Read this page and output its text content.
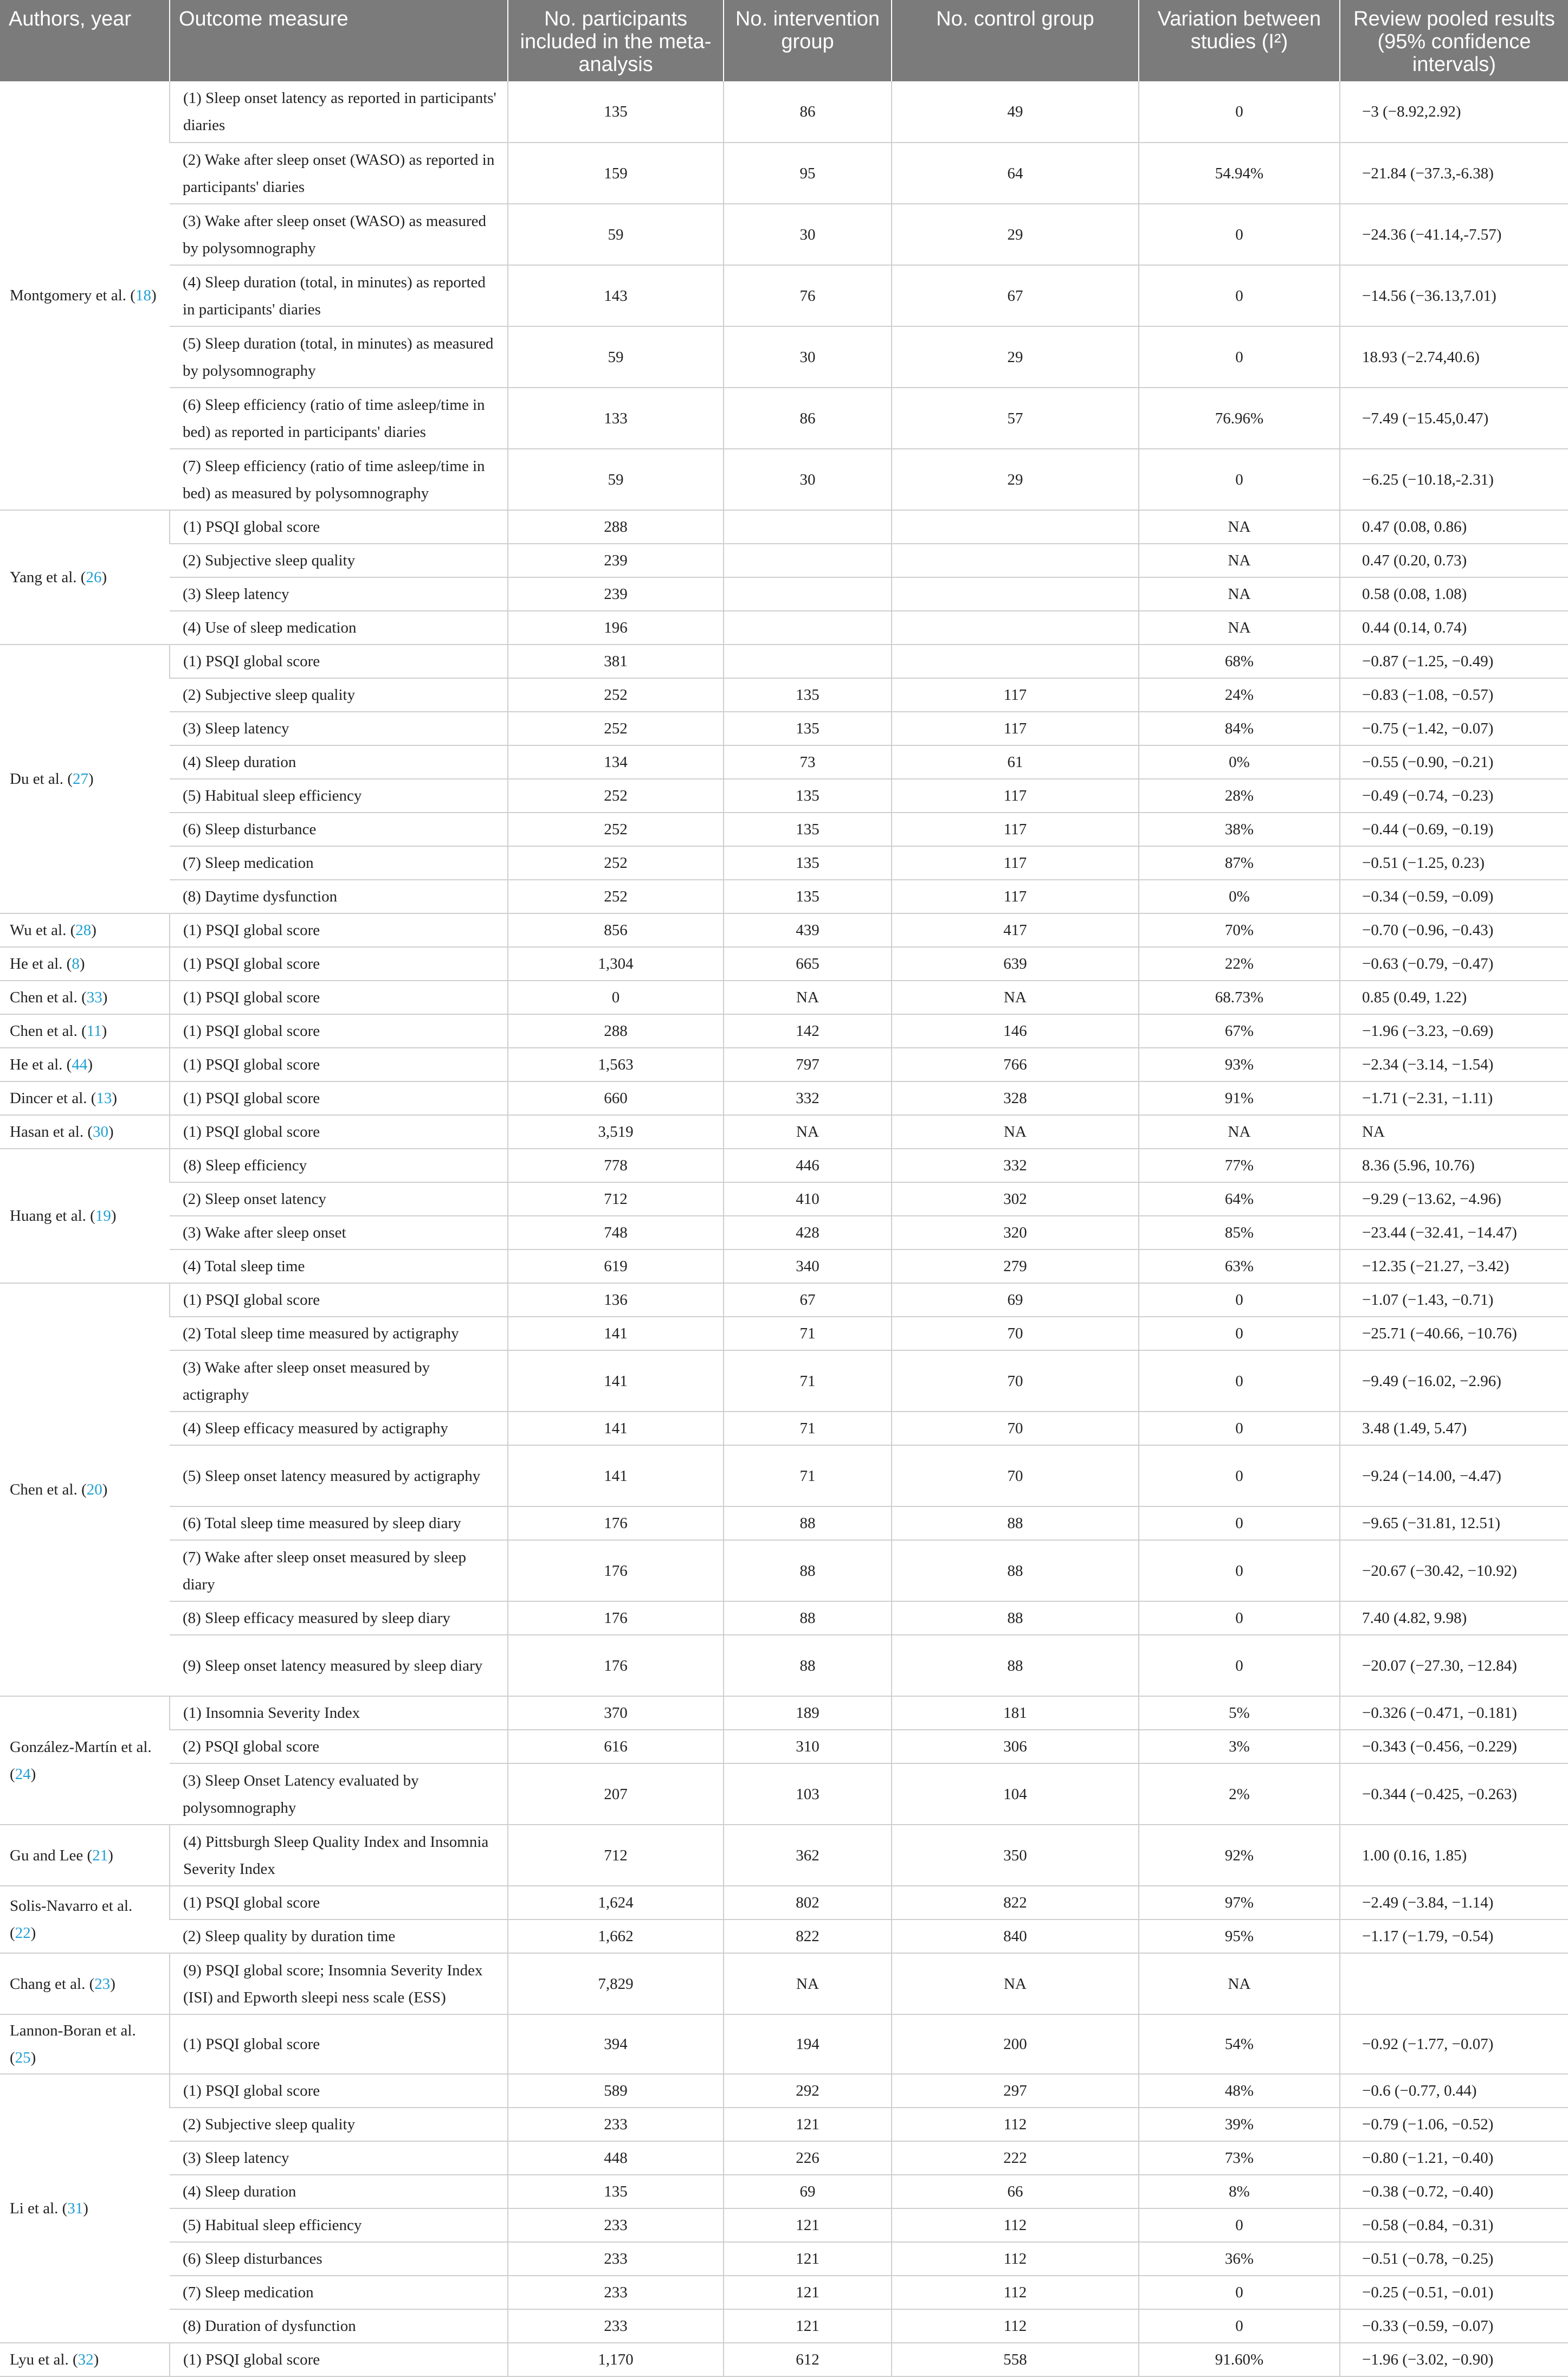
Authors, year	Outcome measure	No. participants included in the meta-analysis	No. intervention group	No. control group	Variation between studies (I²)	Review pooled results (95% confidence intervals)
Montgomery et al. (18)	(1) Sleep onset latency as reported in participants' diaries	135	86	49	0	−3 (−8.92,2.92)
	(2) Wake after sleep onset (WASO) as reported in participants' diaries	159	95	64	54.94%	−21.84 (−37.3,-6.38)
	(3) Wake after sleep onset (WASO) as measured by polysomnography	59	30	29	0	−24.36 (−41.14,-7.57)
	(4) Sleep duration (total, in minutes) as reported in participants' diaries	143	76	67	0	−14.56 (−36.13,7.01)
	(5) Sleep duration (total, in minutes) as measured by polysomnography	59	30	29	0	18.93 (−2.74,40.6)
	(6) Sleep efficiency (ratio of time asleep/time in bed) as reported in participants' diaries	133	86	57	76.96%	−7.49 (−15.45,0.47)
	(7) Sleep efficiency (ratio of time asleep/time in bed) as measured by polysomnography	59	30	29	0	−6.25 (−10.18,-2.31)
Yang et al. (26)	(1) PSQI global score	288			NA	0.47 (0.08, 0.86)
	(2) Subjective sleep quality	239			NA	0.47 (0.20, 0.73)
	(3) Sleep latency	239			NA	0.58 (0.08, 1.08)
	(4) Use of sleep medication	196			NA	0.44 (0.14, 0.74)
Du et al. (27)	(1) PSQI global score	381			68%	−0.87 (−1.25, −0.49)
	(2) Subjective sleep quality	252	135	117	24%	−0.83 (−1.08, −0.57)
	(3) Sleep latency	252	135	117	84%	−0.75 (−1.42, −0.07)
	(4) Sleep duration	134	73	61	0%	−0.55 (−0.90, −0.21)
	(5) Habitual sleep efficiency	252	135	117	28%	−0.49 (−0.74, −0.23)
	(6) Sleep disturbance	252	135	117	38%	−0.44 (−0.69, −0.19)
	(7) Sleep medication	252	135	117	87%	−0.51 (−1.25, 0.23)
	(8) Daytime dysfunction	252	135	117	0%	−0.34 (−0.59, −0.09)
Wu et al. (28)	(1) PSQI global score	856	439	417	70%	−0.70 (−0.96, −0.43)
He et al. (8)	(1) PSQI global score	1,304	665	639	22%	−0.63 (−0.79, −0.47)
Chen et al. (33)	(1) PSQI global score	0	NA	NA	68.73%	0.85 (0.49, 1.22)
Chen et al. (11)	(1) PSQI global score	288	142	146	67%	−1.96 (−3.23, −0.69)
He et al. (44)	(1) PSQI global score	1,563	797	766	93%	−2.34 (−3.14, −1.54)
Dincer et al. (13)	(1) PSQI global score	660	332	328	91%	−1.71 (−2.31, −1.11)
Hasan et al. (30)	(1) PSQI global score	3,519	NA	NA	NA	NA
Huang et al. (19)	(8) Sleep efficiency	778	446	332	77%	8.36 (5.96, 10.76)
	(2) Sleep onset latency	712	410	302	64%	−9.29 (−13.62, −4.96)
	(3) Wake after sleep onset	748	428	320	85%	−23.44 (−32.41, −14.47)
	(4) Total sleep time	619	340	279	63%	−12.35 (−21.27, −3.42)
Chen et al. (20)	(1) PSQI global score	136	67	69	0	−1.07 (−1.43, −0.71)
	(2) Total sleep time measured by actigraphy	141	71	70	0	−25.71 (−40.66, −10.76)
	(3) Wake after sleep onset measured by actigraphy	141	71	70	0	−9.49 (−16.02, −2.96)
	(4) Sleep efficacy measured by actigraphy	141	71	70	0	3.48 (1.49, 5.47)
	(5) Sleep onset latency measured by actigraphy	141	71	70	0	−9.24 (−14.00, −4.47)
	(6) Total sleep time measured by sleep diary	176	88	88	0	−9.65 (−31.81, 12.51)
	(7) Wake after sleep onset measured by sleep diary	176	88	88	0	−20.67 (−30.42, −10.92)
	(8) Sleep efficacy measured by sleep diary	176	88	88	0	7.40 (4.82, 9.98)
	(9) Sleep onset latency measured by sleep diary	176	88	88	0	−20.07 (−27.30, −12.84)
González-Martín et al. (24)	(1) Insomnia Severity Index	370	189	181	5%	−0.326 (−0.471, −0.181)
	(2) PSQI global score	616	310	306	3%	−0.343 (−0.456, −0.229)
	(3) Sleep Onset Latency evaluated by polysomnography	207	103	104	2%	−0.344 (−0.425, −0.263)
Gu and Lee (21)	(4) Pittsburgh Sleep Quality Index and Insomnia Severity Index	712	362	350	92%	1.00 (0.16, 1.85)
Solis-Navarro et al. (22)	(1) PSQI global score	1,624	802	822	97%	−2.49 (−3.84, −1.14)
	(2) Sleep quality by duration time	1,662	822	840	95%	−1.17 (−1.79, −0.54)
Chang et al. (23)	(9) PSQI global score; Insomnia Severity Index (ISI) and Epworth sleepi ness scale (ESS)	7,829	NA	NA	NA	
Lannon-Boran et al. (25)	(1) PSQI global score	394	194	200	54%	−0.92 (−1.77, −0.07)
Li et al. (31)	(1) PSQI global score	589	292	297	48%	−0.6 (−0.77, 0.44)
	(2) Subjective sleep quality	233	121	112	39%	−0.79 (−1.06, −0.52)
	(3) Sleep latency	448	226	222	73%	−0.80 (−1.21, −0.40)
	(4) Sleep duration	135	69	66	8%	−0.38 (−0.72, −0.40)
	(5) Habitual sleep efficiency	233	121	112	0	−0.58 (−0.84, −0.31)
	(6) Sleep disturbances	233	121	112	36%	−0.51 (−0.78, −0.25)
	(7) Sleep medication	233	121	112	0	−0.25 (−0.51, −0.01)
	(8) Duration of dysfunction	233	121	112	0	−0.33 (−0.59, −0.07)
Lyu et al. (32)	(1) PSQI global score	1,170	612	558	91.60%	−1.96 (−3.02, −0.90)
